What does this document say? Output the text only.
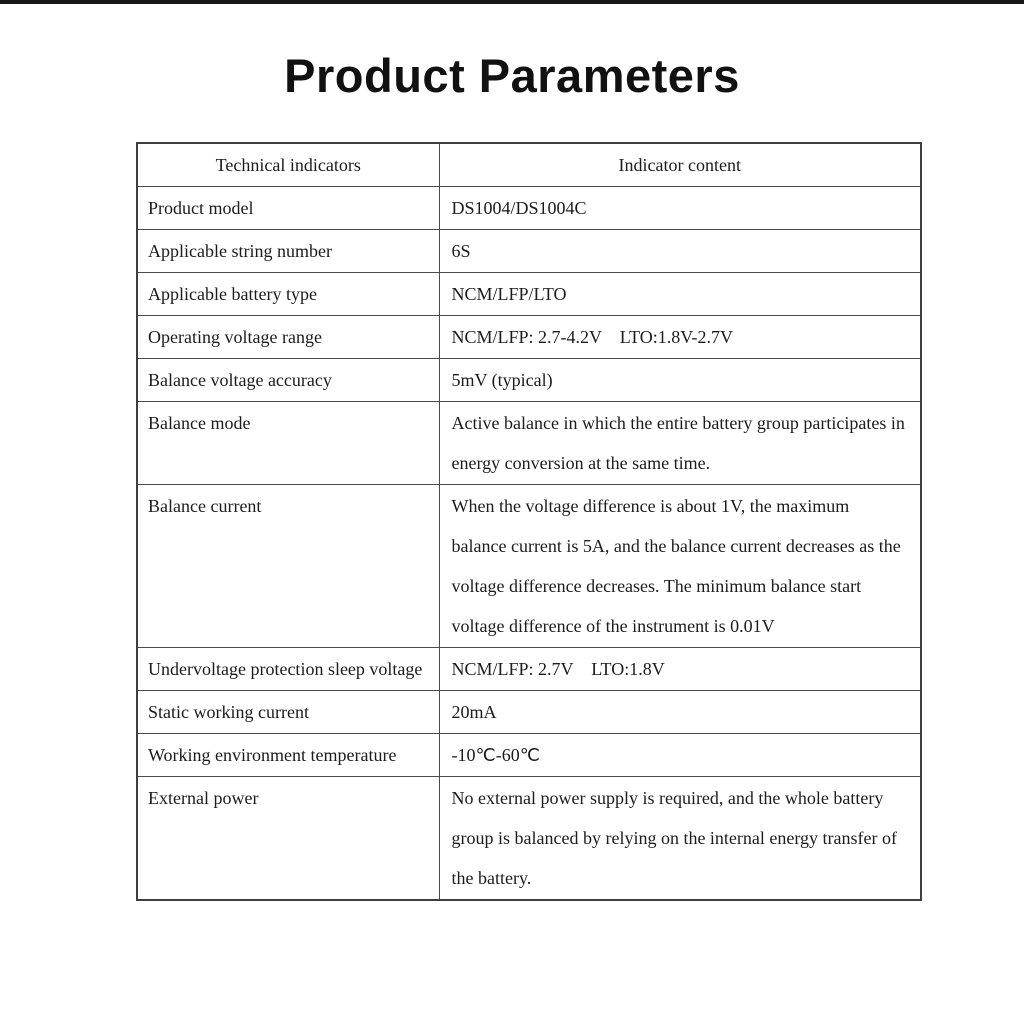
Product Parameters
Technical indicators	Indicator content
Product model	DS1004/DS1004C
Applicable string number	6S
Applicable battery type	NCM/LFP/LTO
Operating voltage range	NCM/LFP: 2.7-4.2V    LTO:1.8V-2.7V
Balance voltage accuracy	5mV (typical)
Balance mode	Active balance in which the entire battery group participates in energy conversion at the same time.
Balance current	When the voltage difference is about 1V, the maximum balance current is 5A, and the balance current decreases as the voltage difference decreases. The minimum balance start voltage difference of the instrument is 0.01V
Undervoltage protection sleep voltage	NCM/LFP: 2.7V    LTO:1.8V
Static working current	20mA
Working environment temperature	-10℃-60℃
External power	No external power supply is required, and the whole battery group is balanced by relying on the internal energy transfer of the battery.
